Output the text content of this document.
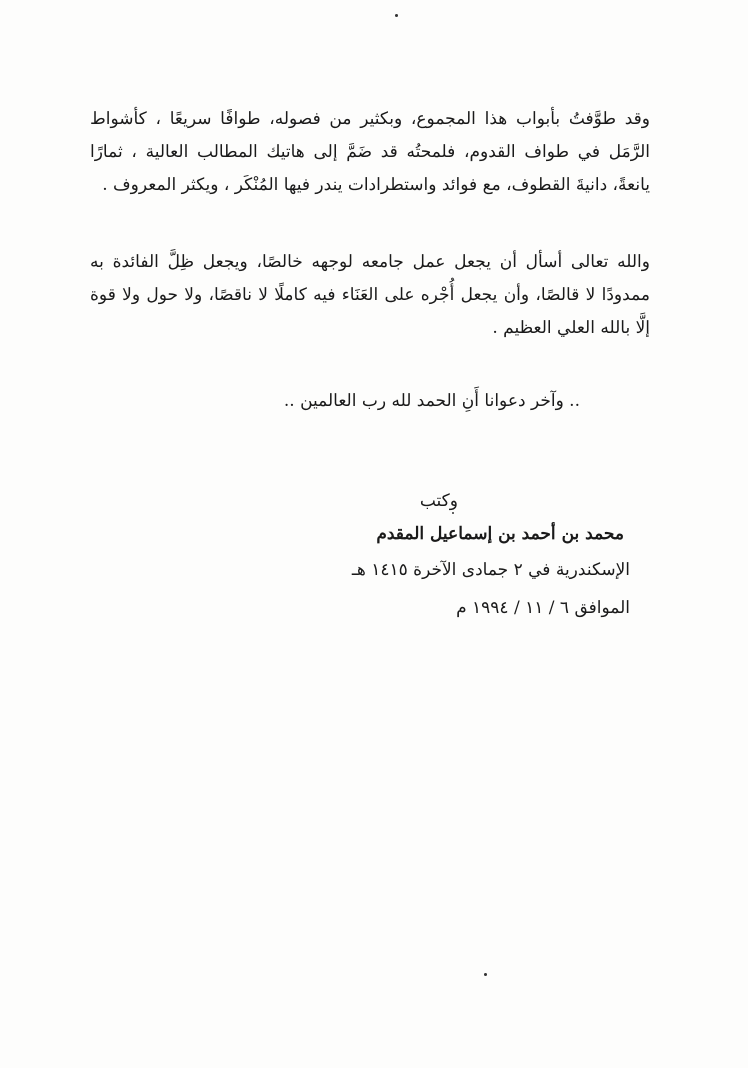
وقد طوَّفتُ بأبواب هذا المجموع، وبكثير من فصوله، طوافًا سريعًا ، كأشواط الرَّمَل في طواف القدوم، فلمحتُه قد ضَمَّ إلى هاتيك المطالب العالية ، ثمارًا يانعةً، دانيةَ القطوف، مع فوائد واستطرادات يندر فيها المُنْكَر ، ويكثر المعروف .

والله تعالى أسأل أن يجعل عمل جامعه لوجهه خالصًا، ويجعل ظِلَّ الفائدة به ممدودًا لا قالصًا، وأن يجعل أُجْره على العَنَاء فيه كاملًا لا ناقصًا، ولا حول ولا قوة إلَّا بالله العلي العظيم .

.. وآخر دعوانا أَنِ الحمد لله رب العالمين ..
وكتب
محمد بن أحمد بن إسماعيل المقدم
الإسكندرية في ٢ جمادى الآخرة ١٤١٥ هـ
الموافق ٦ / ١١ / ١٩٩٤ م
